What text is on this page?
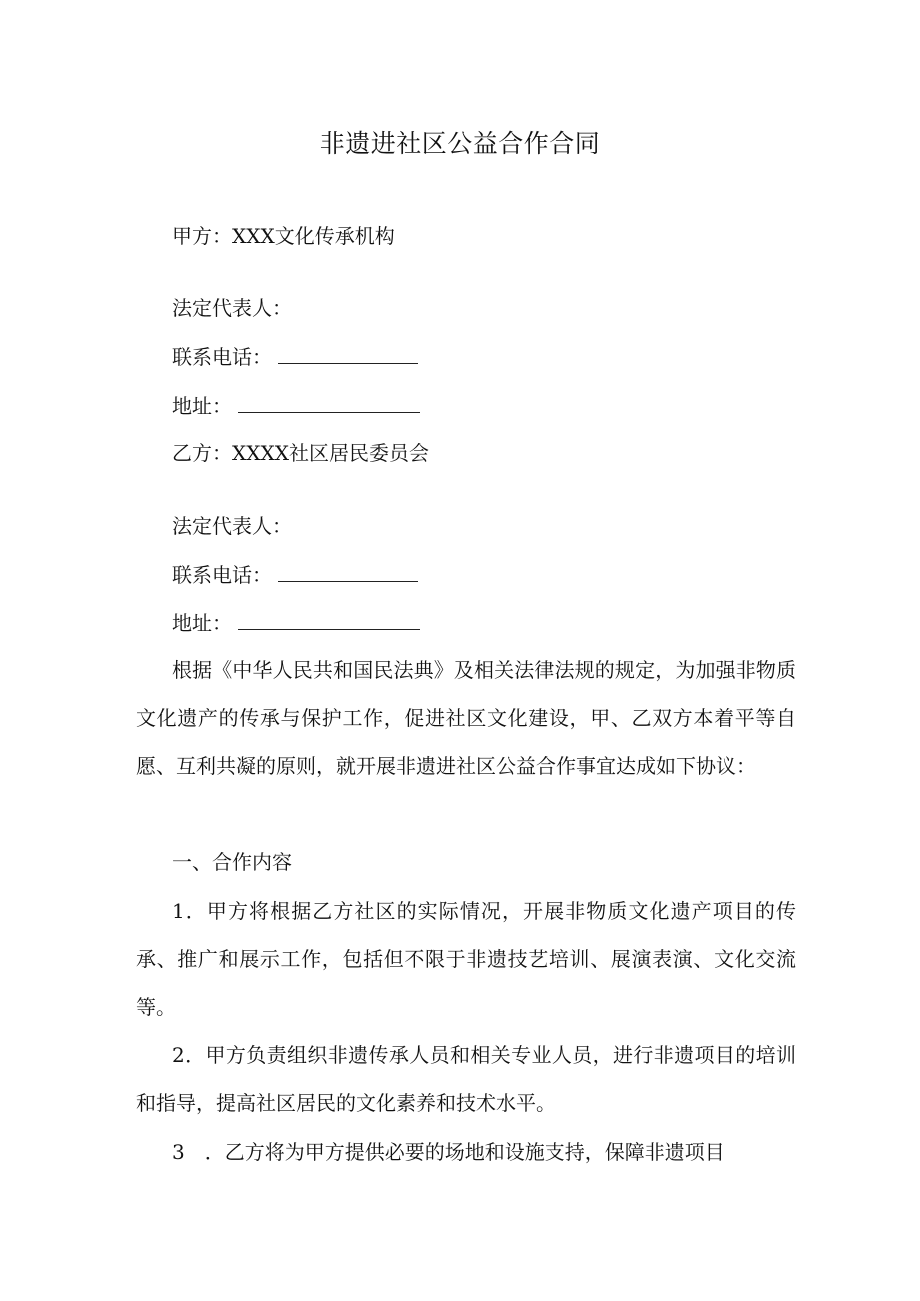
非遗进社区公益合作合同
甲方：XXX文化传承机构
法定代表人：
联系电话：
地址：
乙方：XXXX社区居民委员会
法定代表人：
联系电话：
地址：

根据《中华人民共和国民法典》及相关法律法规的规定，为加强非物质文化遗产的传承与保护工作，促进社区文化建设，甲、乙双方本着平等自愿、互利共凝的原则，就开展非遗进社区公益合作事宜达成如下协议：

一、合作内容

1．甲方将根据乙方社区的实际情况，开展非物质文化遗产项目的传承、推广和展示工作，包括但不限于非遗技艺培训、展演表演、文化交流等。

2．甲方负责组织非遗传承人员和相关专业人员，进行非遗项目的培训和指导，提高社区居民的文化素养和技术水平。

3　．乙方将为甲方提供必要的场地和设施支持，保障非遗项目
